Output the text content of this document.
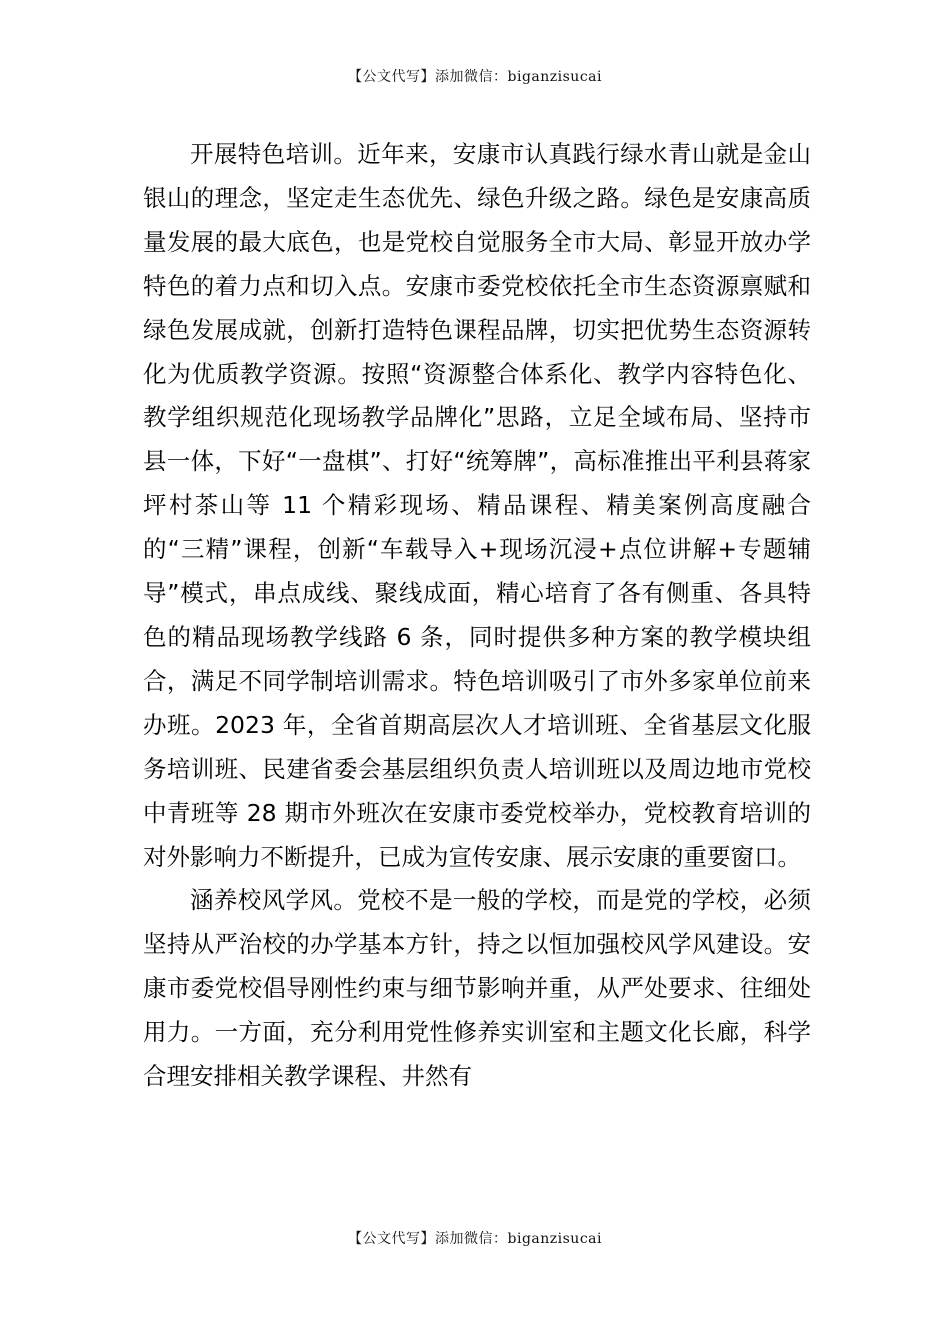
【公文代写】添加微信：biganzisucai

开展特色培训。近年来，安康市认真践行绿水青山就是金山银山的理念，坚定走生态优先、绿色升级之路。绿色是安康高质量发展的最大底色，也是党校自觉服务全市大局、彰显开放办学特色的着力点和切入点。安康市委党校依托全市生态资源禀赋和绿色发展成就，创新打造特色课程品牌，切实把优势生态资源转化为优质教学资源。按照“资源整合体系化、教学内容特色化、教学组织规范化现场教学品牌化”思路，立足全域布局、坚持市县一体，下好“一盘棋”、打好“统筹牌”，高标准推出平利县蒋家坪村茶山等 11 个精彩现场、精品课程、精美案例高度融合的“三精”课程，创新“车载导入+现场沉浸+点位讲解+专题辅导”模式，串点成线、聚线成面，精心培育了各有侧重、各具特色的精品现场教学线路 6 条，同时提供多种方案的教学模块组合，满足不同学制培训需求。特色培训吸引了市外多家单位前来办班。2023 年，全省首期高层次人才培训班、全省基层文化服务培训班、民建省委会基层组织负责人培训班以及周边地市党校中青班等 28 期市外班次在安康市委党校举办，党校教育培训的对外影响力不断提升，已成为宣传安康、展示安康的重要窗口。

涵养校风学风。党校不是一般的学校，而是党的学校，必须坚持从严治校的办学基本方针，持之以恒加强校风学风建设。安康市委党校倡导刚性约束与细节影响并重，从严处要求、往细处用力。一方面，充分利用党性修养实训室和主题文化长廊，科学合理安排相关教学课程、井然有

【公文代写】添加微信：biganzisucai
